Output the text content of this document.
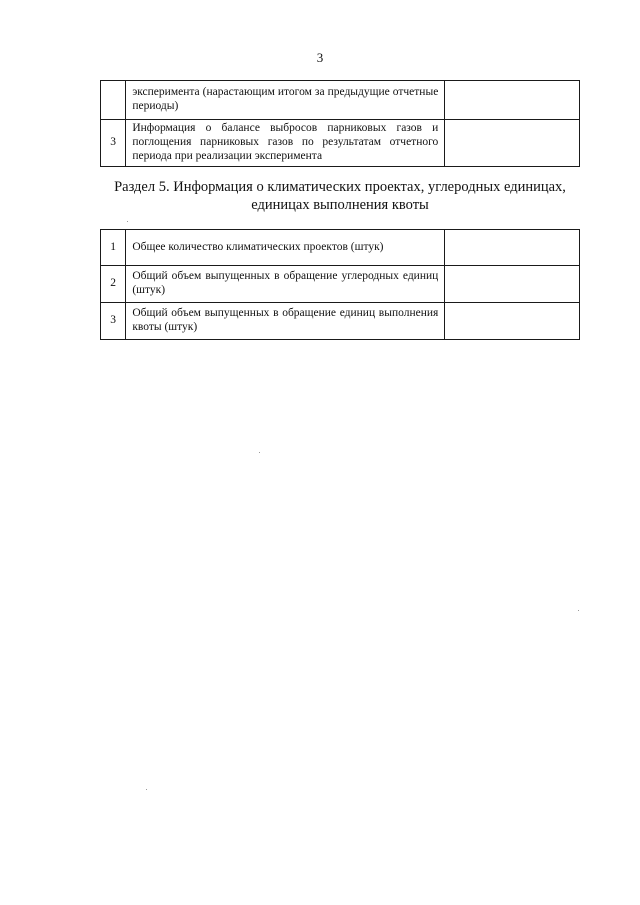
3
	эксперимента (нарастающим итогом за предыдущие отчетные периоды)	
3	Информация о балансе выбросов парниковых газов и поглощения парниковых газов по результатам отчетного периода при реализации эксперимента	
Раздел 5. Информация о климатических проектах, углеродных единицах, единицах выполнения квоты
1	Общее количество климатических проектов (штук)	
2	Общий объем выпущенных в обращение углеродных единиц (штук)	
3	Общий объем выпущенных в обращение единиц выполнения квоты (штук)	
